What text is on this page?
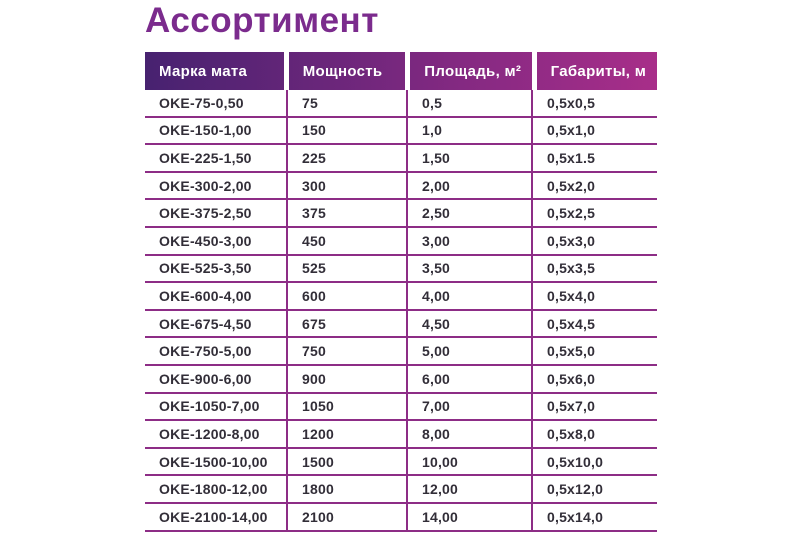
Ассортимент
Марка мата	Мощность	Площадь, м²	Габариты, м
OKE-75-0,50	75	0,5	0,5x0,5
OKE-150-1,00	150	1,0	0,5x1,0
OKE-225-1,50	225	1,50	0,5x1.5
OKE-300-2,00	300	2,00	0,5x2,0
OKE-375-2,50	375	2,50	0,5x2,5
OKE-450-3,00	450	3,00	0,5x3,0
OKE-525-3,50	525	3,50	0,5x3,5
OKE-600-4,00	600	4,00	0,5x4,0
OKE-675-4,50	675	4,50	0,5x4,5
OKE-750-5,00	750	5,00	0,5x5,0
OKE-900-6,00	900	6,00	0,5x6,0
OKE-1050-7,00	1050	7,00	0,5x7,0
OKE-1200-8,00	1200	8,00	0,5x8,0
OKE-1500-10,00	1500	10,00	0,5x10,0
OKE-1800-12,00	1800	12,00	0,5x12,0
OKE-2100-14,00	2100	14,00	0,5x14,0
